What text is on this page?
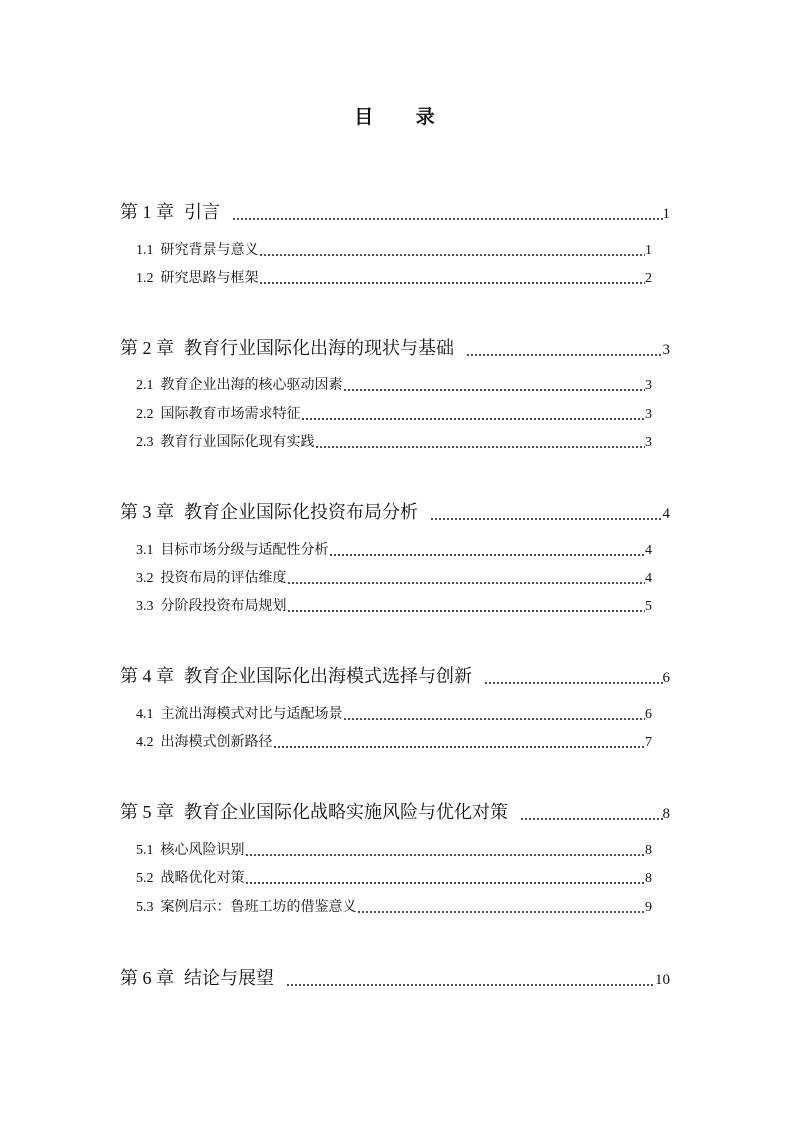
目 录
第 1 章 引言	1
1.1 研究背景与意义	1
1.2 研究思路与框架	2
第 2 章 教育行业国际化出海的现状与基础	3
2.1 教育企业出海的核心驱动因素	3
2.2 国际教育市场需求特征	3
2.3 教育行业国际化现有实践	3
第 3 章 教育企业国际化投资布局分析	4
3.1 目标市场分级与适配性分析	4
3.2 投资布局的评估维度	4
3.3 分阶段投资布局规划	5
第 4 章 教育企业国际化出海模式选择与创新	6
4.1 主流出海模式对比与适配场景	6
4.2 出海模式创新路径	7
第 5 章 教育企业国际化战略实施风险与优化对策	8
5.1 核心风险识别	8
5.2 战略优化对策	8
5.3 案例启示：鲁班工坊的借鉴意义	9
第 6 章 结论与展望	10
